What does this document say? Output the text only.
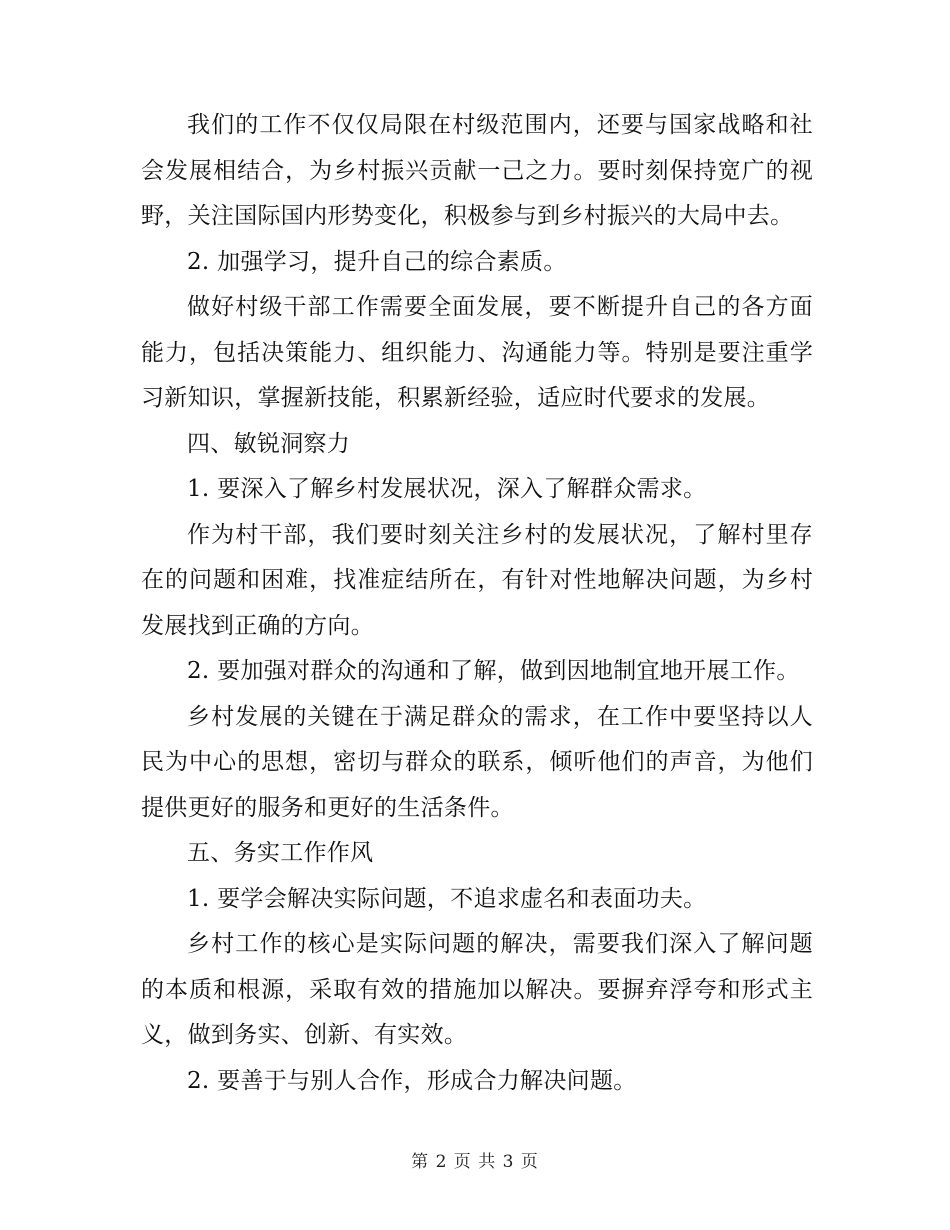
我们的工作不仅仅局限在村级范围内，还要与国家战略和社会发展相结合，为乡村振兴贡献一己之力。要时刻保持宽广的视野，关注国际国内形势变化，积极参与到乡村振兴的大局中去。

2. 加强学习，提升自己的综合素质。

做好村级干部工作需要全面发展，要不断提升自己的各方面能力，包括决策能力、组织能力、沟通能力等。特别是要注重学习新知识，掌握新技能，积累新经验，适应时代要求的发展。

四、敏锐洞察力

1. 要深入了解乡村发展状况，深入了解群众需求。

作为村干部，我们要时刻关注乡村的发展状况，了解村里存在的问题和困难，找准症结所在，有针对性地解决问题，为乡村发展找到正确的方向。

2. 要加强对群众的沟通和了解，做到因地制宜地开展工作。

乡村发展的关键在于满足群众的需求，在工作中要坚持以人民为中心的思想，密切与群众的联系，倾听他们的声音，为他们提供更好的服务和更好的生活条件。

五、务实工作作风

1. 要学会解决实际问题，不追求虚名和表面功夫。

乡村工作的核心是实际问题的解决，需要我们深入了解问题的本质和根源，采取有效的措施加以解决。要摒弃浮夸和形式主义，做到务实、创新、有实效。

2. 要善于与别人合作，形成合力解决问题。

第 2 页 共 3 页
